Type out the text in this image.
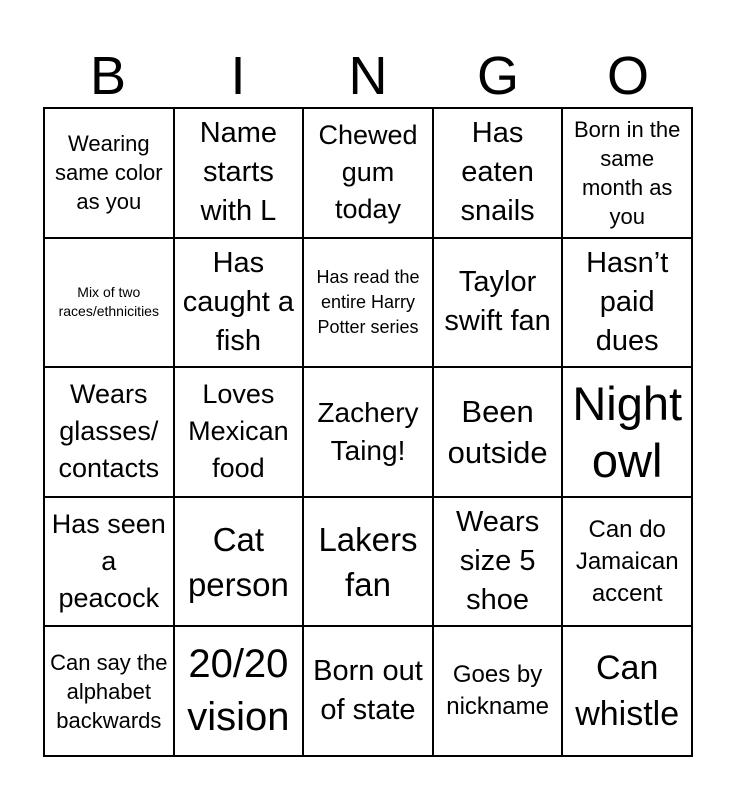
B	I	N	G	O
Wearing same color as you
Name starts with L
Chewed gum today
Has eaten snails
Born in the same month as you
Mix of two races/ethnicities
Has caught a fish
Has read the entire Harry Potter series
Taylor swift fan
Hasn’t paid dues
Wears glasses/ contacts
Loves Mexican food
Zachery Taing!
Been outside
Night owl
Has seen a peacock
Cat person
Lakers fan
Wears size 5 shoe
Can do Jamaican accent
Can say the alphabet backwards
20/20 vision
Born out of state
Goes by nickname
Can whistle
